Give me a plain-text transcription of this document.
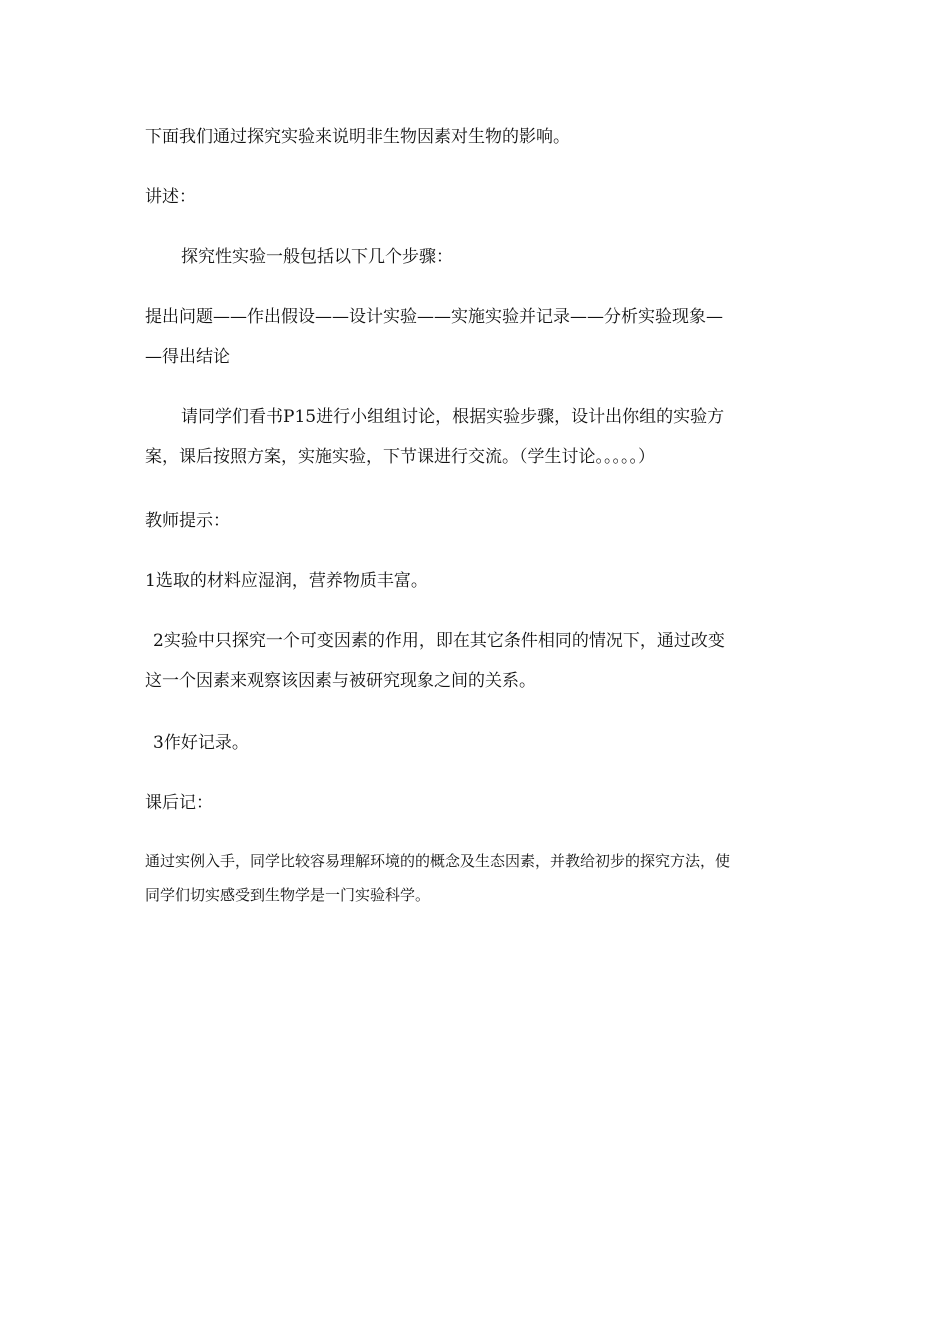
下面我们通过探究实验来说明非生物因素对生物的影响。

讲述：

探究性实验一般包括以下几个步骤：

提出问题——作出假设——设计实验——实施实验并记录——分析实验现象—
—得出结论

请同学们看书P15进行小组组讨论，根据实验步骤，设计出你组的实验方

案，课后按照方案，实施实验，下节课进行交流。（学生讨论。。。。。）

教师提示：

1选取的材料应湿润，营养物质丰富。

2实验中只探究一个可变因素的作用，即在其它条件相同的情况下，通过改变

这一个因素来观察该因素与被研究现象之间的关系。

3作好记录。

课后记：

通过实例入手，同学比较容易理解环境的的概念及生态因素，并教给初步的探究方法，使
同学们切实感受到生物学是一门实验科学。
